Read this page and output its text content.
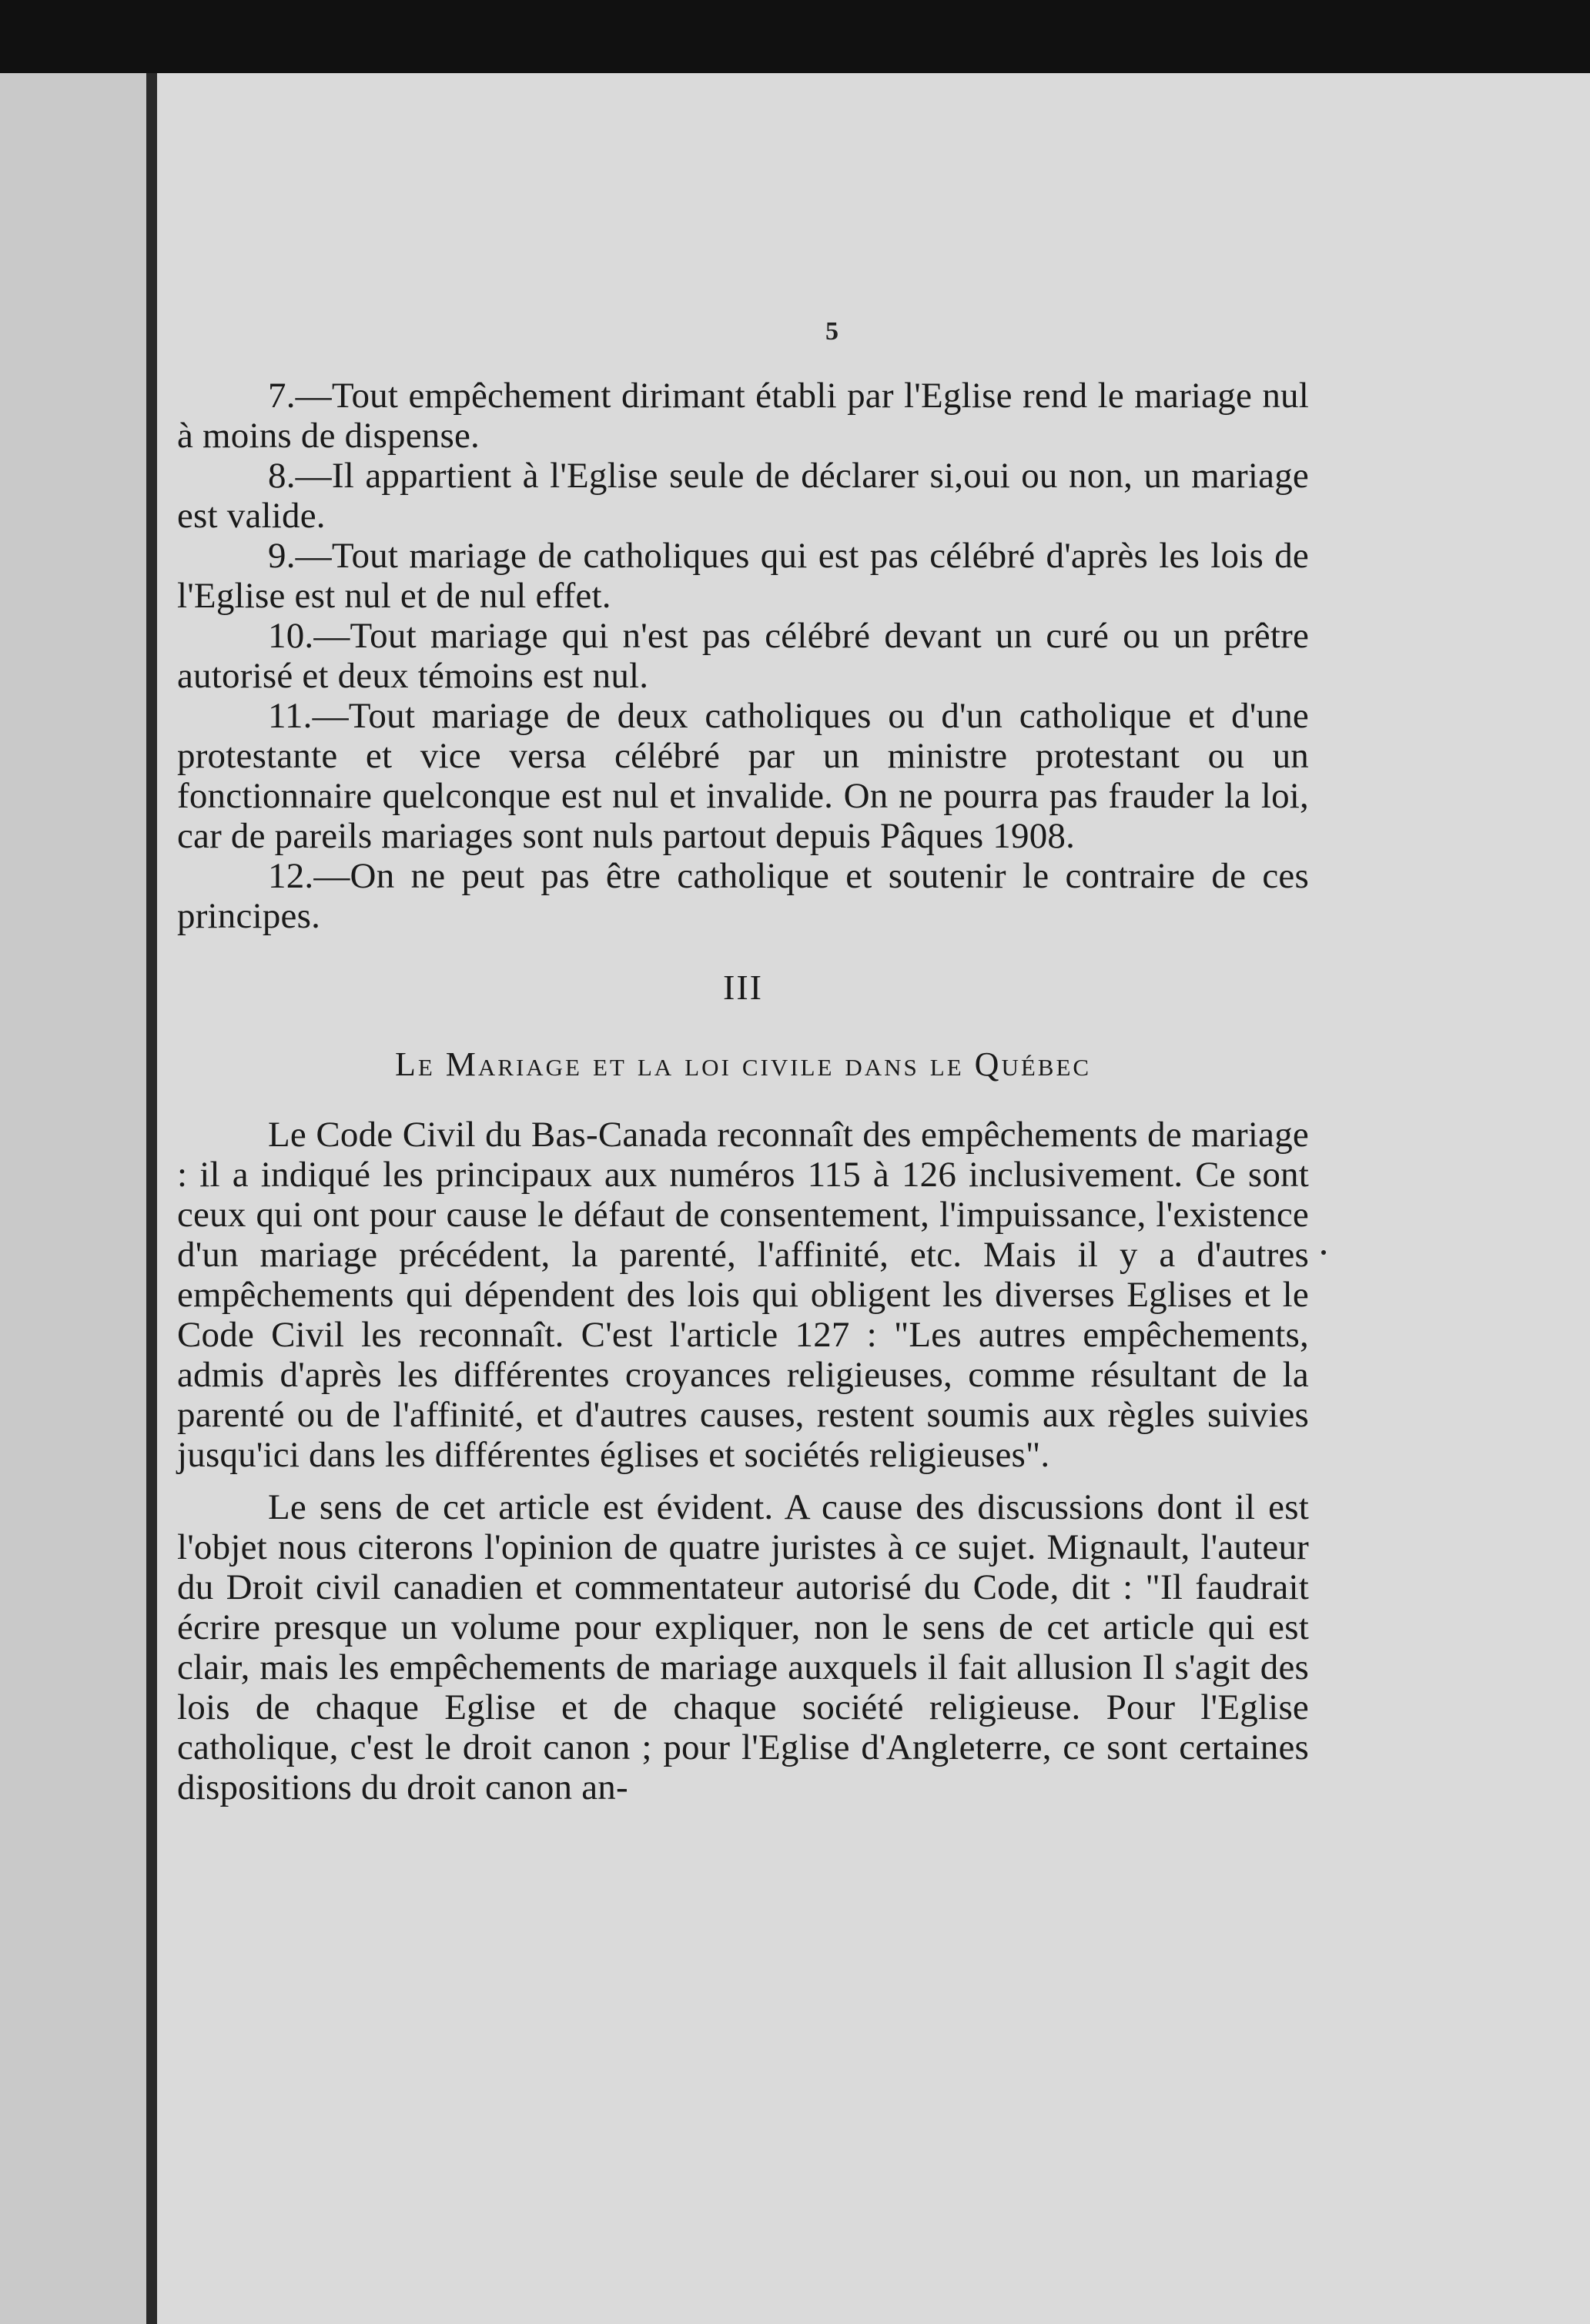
5

7.—Tout empêchement dirimant établi par l'Eglise rend le mariage nul à moins de dispense.

8.—Il appartient à l'Eglise seule de déclarer si,oui ou non, un mariage est valide.

9.—Tout mariage de catholiques qui est pas célébré d'après les lois de l'Eglise est nul et de nul effet.

10.—Tout mariage qui n'est pas célébré devant un curé ou un prêtre autorisé et deux témoins est nul.

11.—Tout mariage de deux catholiques ou d'un catholique et d'une protestante et vice versa célébré par un ministre protestant ou un fonctionnaire quelconque est nul et invalide. On ne pourra pas frauder la loi, car de pareils mariages sont nuls partout depuis Pâques 1908.

12.—On ne peut pas être catholique et soutenir le contraire de ces principes.

III
Le Mariage et la loi civile dans le Québec

Le Code Civil du Bas-Canada reconnaît des empêchements de mariage : il a indiqué les principaux aux numéros 115 à 126 inclusivement. Ce sont ceux qui ont pour cause le défaut de consentement, l'impuissance, l'existence d'un mariage précédent, la parenté, l'affinité, etc. Mais il y a d'autres empêchements qui dépendent des lois qui obligent les diverses Eglises et le Code Civil les reconnaît. C'est l'article 127 : "Les autres empêchements, admis d'après les différentes croyances religieuses, comme résultant de la parenté ou de l'affinité, et d'autres causes, restent soumis aux règles suivies jusqu'ici dans les différentes églises et sociétés religieuses".

Le sens de cet article est évident. A cause des discussions dont il est l'objet nous citerons l'opinion de quatre juristes à ce sujet. Mignault, l'auteur du Droit civil canadien et commentateur autorisé du Code, dit : "Il faudrait écrire presque un volume pour expliquer, non le sens de cet article qui est clair, mais les empêchements de mariage auxquels il fait allusion Il s'agit des lois de chaque Eglise et de chaque société religieuse. Pour l'Eglise catholique, c'est le droit canon ; pour l'Eglise d'Angleterre, ce sont certaines dispositions du droit canon an-
